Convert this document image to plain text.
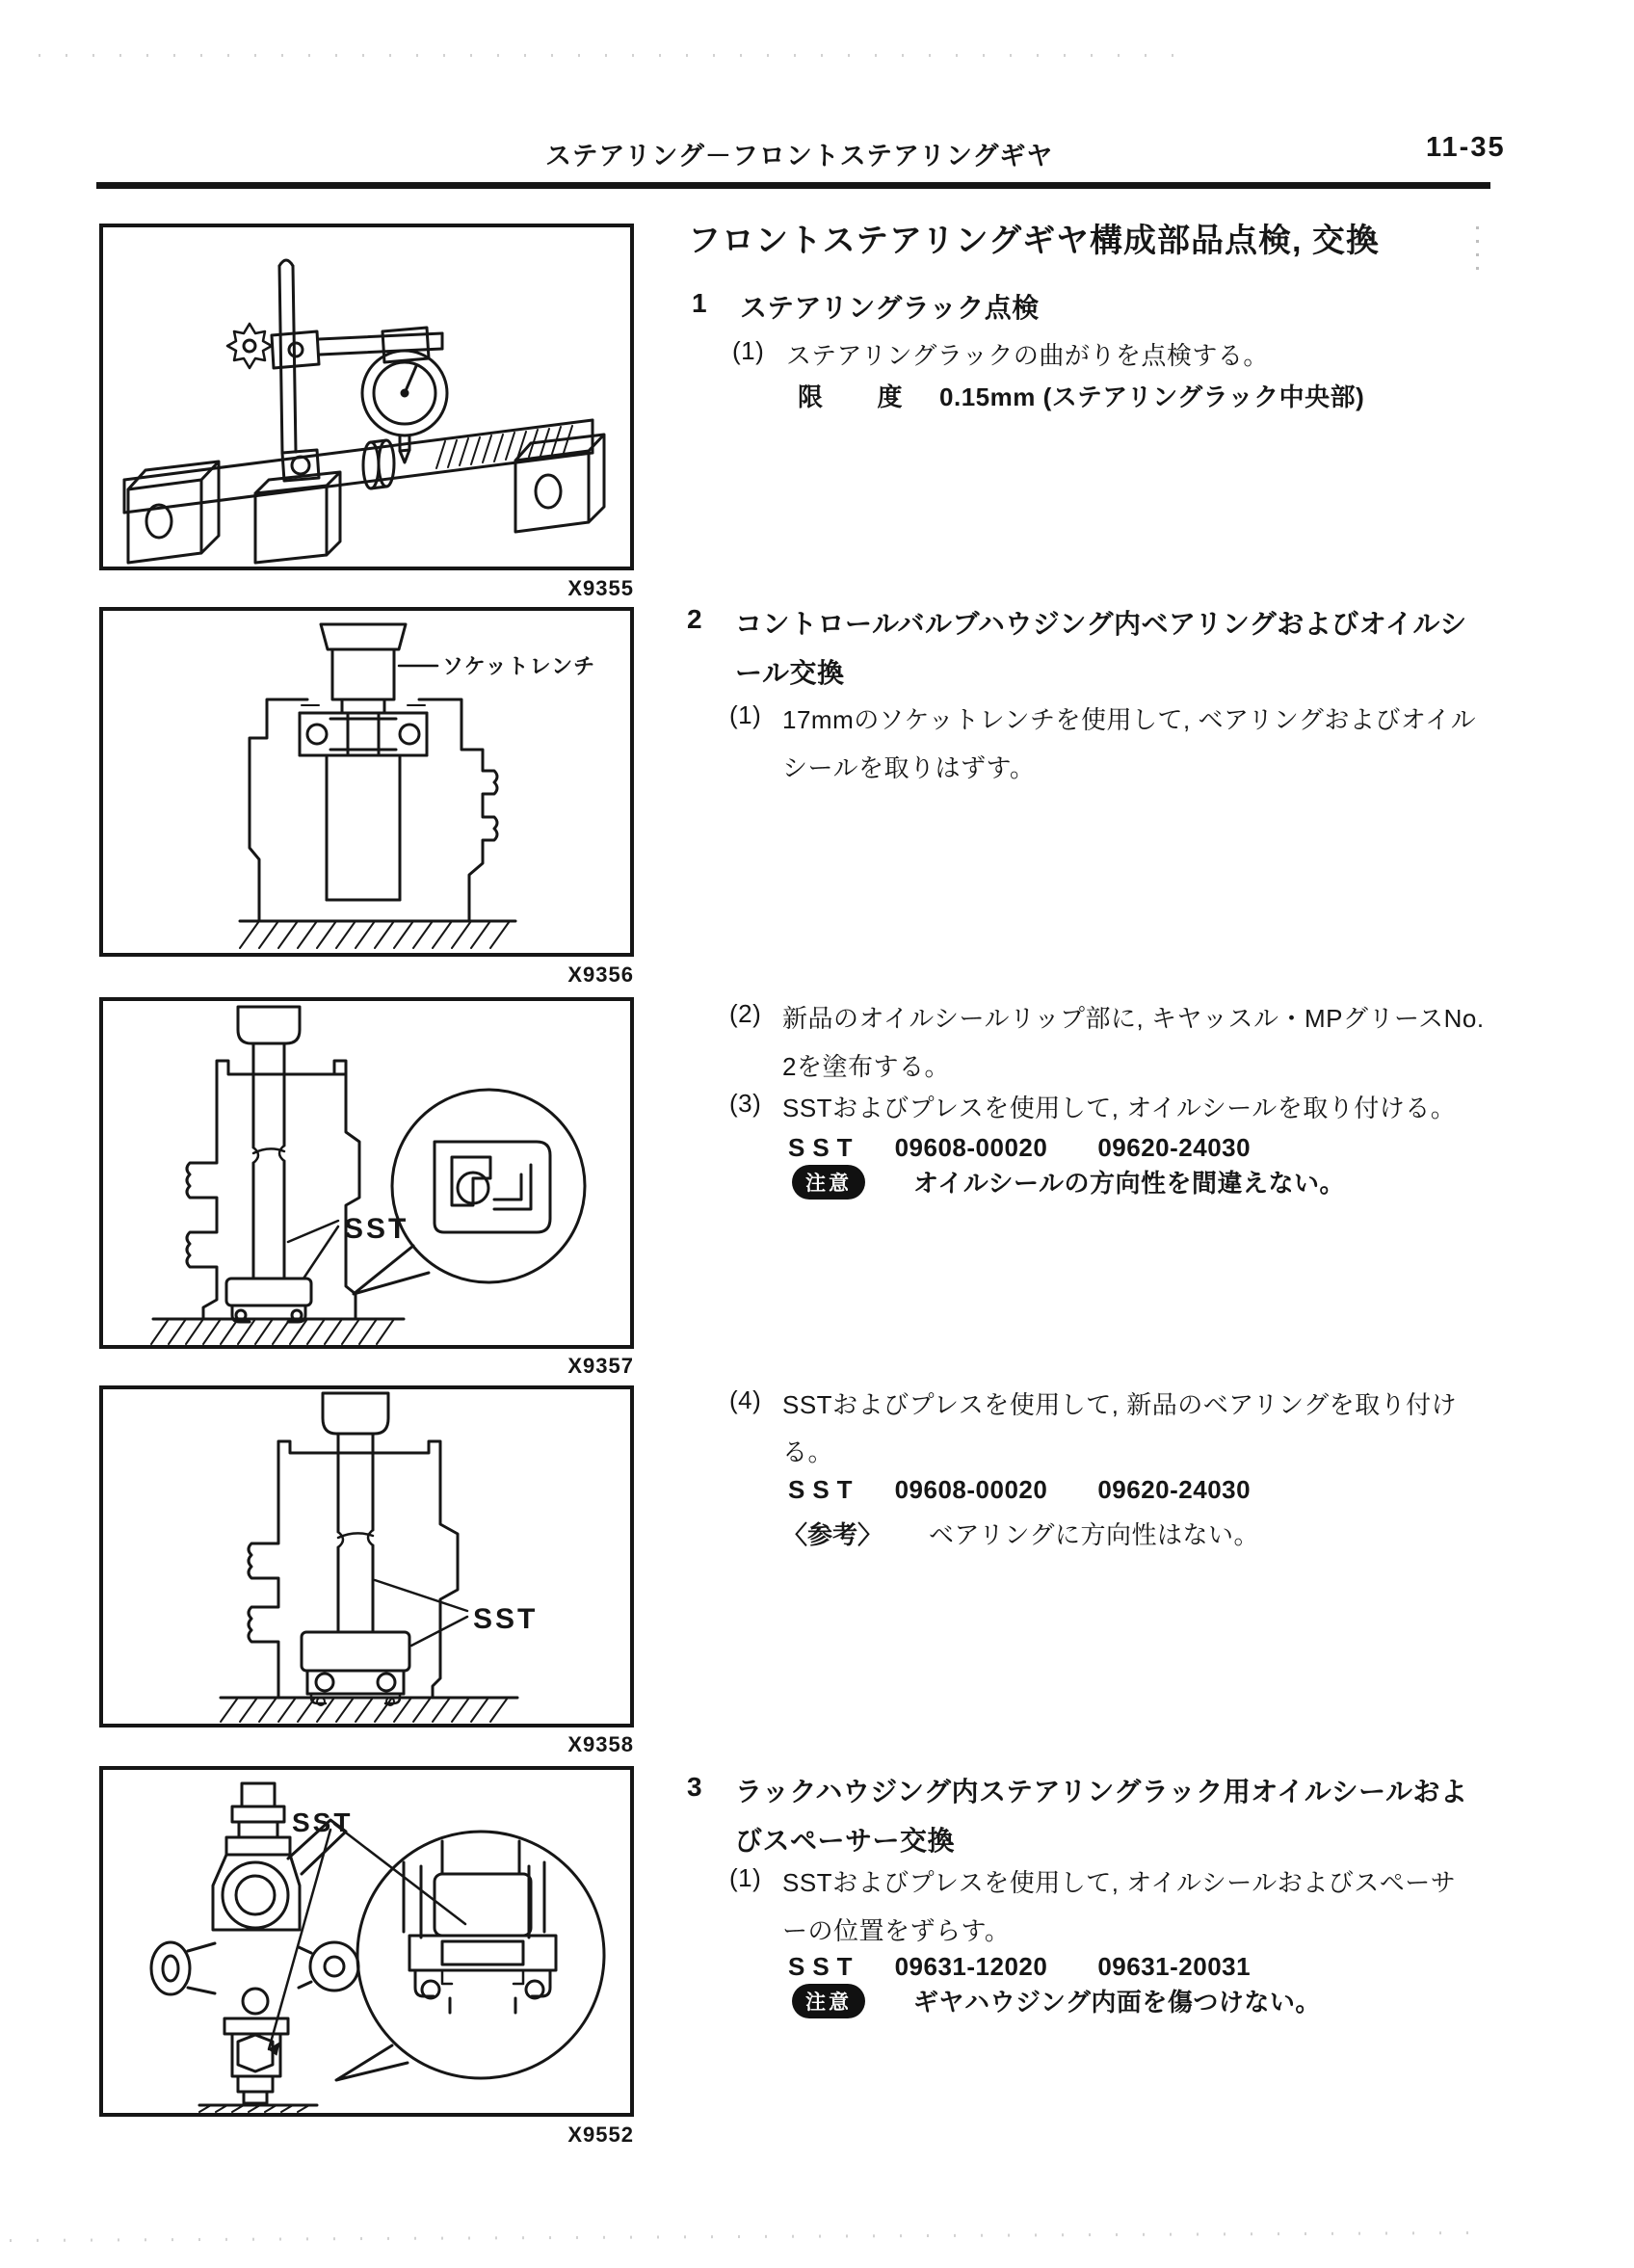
ステアリング－フロントステアリングギヤ	11-35
X9355
ソケットレンチ
X9356
SST
X9357
SST
X9358
SST
X9552
フロントステアリングギヤ構成部品点検, 交換
1 ステアリングラック点検
(1) ステアリングラックの曲がりを点検する。
限 度 0.15mm (ステアリングラック中央部)
2 コントロールバルブハウジング内ベアリングおよびオイルシ
ール交換
(1) 17mmのソケットレンチを使用して, ベアリングおよびオイル
シールを取りはずす。
(2) 新品のオイルシールリップ部に, キヤッスル・MPグリースNo.
2を塗布する。
(3) SSTおよびプレスを使用して, オイルシールを取り付ける。
SST 09608-00020 09620-24030
注意	オイルシールの方向性を間違えない。
(4) SSTおよびプレスを使用して, 新品のベアリングを取り付け
る。
SST 09608-00020 09620-24030
〈参考〉 ベアリングに方向性はない。
3 ラックハウジング内ステアリングラック用オイルシールおよ
びスペーサー交換
(1) SSTおよびプレスを使用して, オイルシールおよびスペーサ
ーの位置をずらす。
SST 09631-12020 09631-20031
注意	ギヤハウジング内面を傷つけない。
